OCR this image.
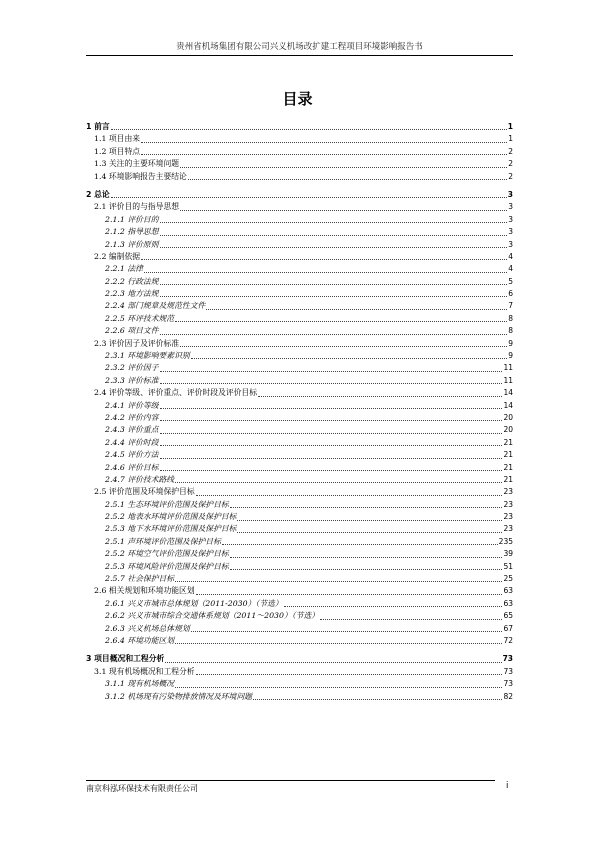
贵州省机场集团有限公司兴义机场改扩建工程项目环境影响报告书
目录
1 前言	1
1.1 项目由来	1
1.2 项目特点	2
1.3 关注的主要环境问题	2
1.4 环境影响报告主要结论	2
2 总论	3
2.1 评价目的与指导思想	3
2.1.1 评价目的	3
2.1.2 指导思想	3
2.1.3 评价原则	3
2.2 编制依据	4
2.2.1 法律	4
2.2.2 行政法规	5
2.2.3 地方法规	6
2.2.4 部门规章及规范性文件	7
2.2.5 环评技术规范	8
2.2.6 项目文件	8
2.3 评价因子及评价标准	9
2.3.1 环境影响要素识别	9
2.3.2 评价因子	11
2.3.3 评价标准	11
2.4 评价等级、评价重点、评价时段及评价目标	14
2.4.1 评价等级	14
2.4.2 评价内容	20
2.4.3 评价重点	20
2.4.4 评价时段	21
2.4.5 评价方法	21
2.4.6 评价目标	21
2.4.7 评价技术路线	21
2.5 评价范围及环境保护目标	23
2.5.1 生态环境评价范围及保护目标	23
2.5.2 地表水环境评价范围及保护目标	23
2.5.3 地下水环境评价范围及保护目标	23
2.5.1 声环境评价范围及保护目标	235
2.5.2 环境空气评价范围及保护目标	39
2.5.3 环境风险评价范围及保护目标	51
2.5.7 社会保护目标	25
2.6 相关规划和环境功能区划	63
2.6.1 兴义市城市总体规划（2011-2030）（节选）	63
2.6.2 兴义市城市综合交通体系规划（2011～2030）（节选）	65
2.6.3 兴义机场总体规划	67
2.6.4 环境功能区划	72
3 项目概况和工程分析	73
3.1 现有机场概况和工程分析	73
3.1.1 现有机场概况	73
3.1.2 机场现有污染物排放情况及环境问题	82
南京科泓环保技术有限责任公司	i
